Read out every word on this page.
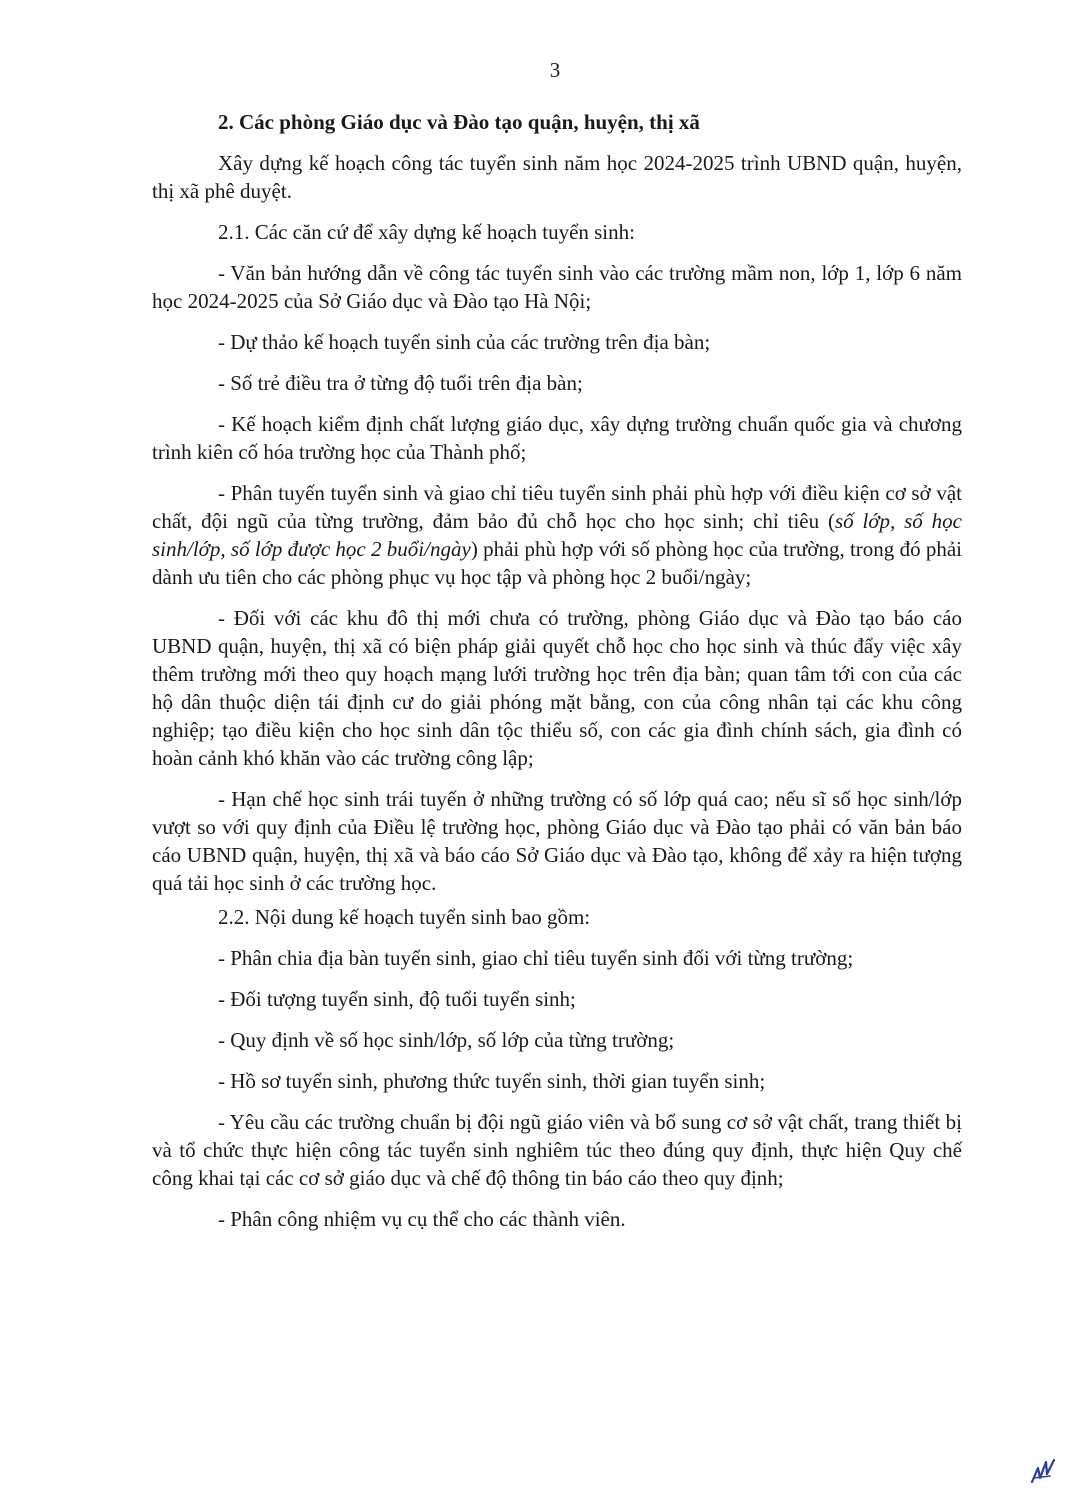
3

2. Các phòng Giáo dục và Đào tạo quận, huyện, thị xã

Xây dựng kế hoạch công tác tuyển sinh năm học 2024-2025 trình UBND quận, huyện, thị xã phê duyệt.

2.1. Các căn cứ để xây dựng kế hoạch tuyển sinh:

- Văn bản hướng dẫn về công tác tuyển sinh vào các trường mầm non, lớp 1, lớp 6 năm học 2024-2025 của Sở Giáo dục và Đào tạo Hà Nội;

- Dự thảo kế hoạch tuyển sinh của các trường trên địa bàn;

- Số trẻ điều tra ở từng độ tuổi trên địa bàn;

- Kế hoạch kiểm định chất lượng giáo dục, xây dựng trường chuẩn quốc gia và chương trình kiên cố hóa trường học của Thành phố;

- Phân tuyến tuyển sinh và giao chỉ tiêu tuyển sinh phải phù hợp với điều kiện cơ sở vật chất, đội ngũ của từng trường, đảm bảo đủ chỗ học cho học sinh; chỉ tiêu (số lớp, số học sinh/lớp, số lớp được học 2 buổi/ngày) phải phù hợp với số phòng học của trường, trong đó phải dành ưu tiên cho các phòng phục vụ học tập và phòng học 2 buổi/ngày;

- Đối với các khu đô thị mới chưa có trường, phòng Giáo dục và Đào tạo báo cáo UBND quận, huyện, thị xã có biện pháp giải quyết chỗ học cho học sinh và thúc đẩy việc xây thêm trường mới theo quy hoạch mạng lưới trường học trên địa bàn; quan tâm tới con của các hộ dân thuộc diện tái định cư do giải phóng mặt bằng, con của công nhân tại các khu công nghiệp; tạo điều kiện cho học sinh dân tộc thiểu số, con các gia đình chính sách, gia đình có hoàn cảnh khó khăn vào các trường công lập;

- Hạn chế học sinh trái tuyến ở những trường có số lớp quá cao; nếu sĩ số học sinh/lớp vượt so với quy định của Điều lệ trường học, phòng Giáo dục và Đào tạo phải có văn bản báo cáo UBND quận, huyện, thị xã và báo cáo Sở Giáo dục và Đào tạo, không để xảy ra hiện tượng quá tải học sinh ở các trường học.

2.2. Nội dung kế hoạch tuyển sinh bao gồm:

- Phân chia địa bàn tuyển sinh, giao chỉ tiêu tuyển sinh đối với từng trường;

- Đối tượng tuyển sinh, độ tuổi tuyển sinh;

- Quy định về số học sinh/lớp, số lớp của từng trường;

- Hồ sơ tuyển sinh, phương thức tuyển sinh, thời gian tuyển sinh;

- Yêu cầu các trường chuẩn bị đội ngũ giáo viên và bổ sung cơ sở vật chất, trang thiết bị và tổ chức thực hiện công tác tuyển sinh nghiêm túc theo đúng quy định, thực hiện Quy chế công khai tại các cơ sở giáo dục và chế độ thông tin báo cáo theo quy định;

- Phân công nhiệm vụ cụ thể cho các thành viên.
